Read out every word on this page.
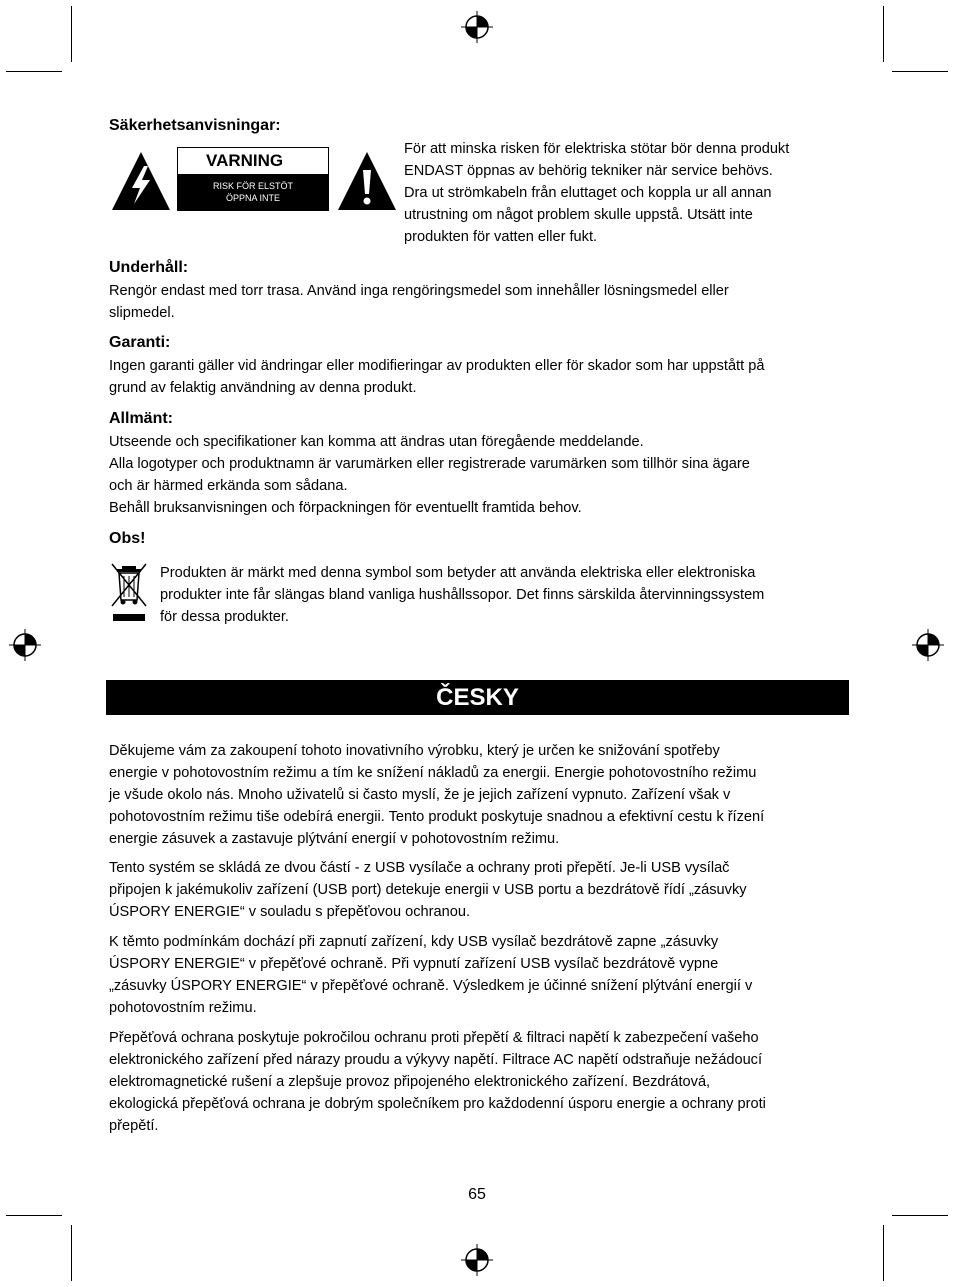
Säkerhetsanvisningar:
VARNING
RISK FÖR ELSTÖT
ÖPPNA INTE
För att minska risken för elektriska stötar bör denna produkt
ENDAST öppnas av behörig tekniker när service behövs.
Dra ut strömkabeln från eluttaget och koppla ur all annan
utrustning om något problem skulle uppstå. Utsätt inte
produkten för vatten eller fukt.
Underhåll:
Rengör endast med torr trasa. Använd inga rengöringsmedel som innehåller lösningsmedel eller
slipmedel.
Garanti:
Ingen garanti gäller vid ändringar eller modifieringar av produkten eller för skador som har uppstått på
grund av felaktig användning av denna produkt.
Allmänt:
Utseende och specifikationer kan komma att ändras utan föregående meddelande.
Alla logotyper och produktnamn är varumärken eller registrerade varumärken som tillhör sina ägare
och är härmed erkända som sådana.
Behåll bruksanvisningen och förpackningen för eventuellt framtida behov.
Obs!
Produkten är märkt med denna symbol som betyder att använda elektriska eller elektroniska
produkter inte får slängas bland vanliga hushållssopor. Det finns särskilda återvinningssystem
för dessa produkter.
ČESKY
Děkujeme vám za zakoupení tohoto inovativního výrobku, který je určen ke snižování spotřeby
energie v pohotovostním režimu a tím ke snížení nákladů za energii. Energie pohotovostního režimu
je všude okolo nás. Mnoho uživatelů si často myslí, že je jejich zařízení vypnuto. Zařízení však v
pohotovostním režimu tiše odebírá energii. Tento produkt poskytuje snadnou a efektivní cestu k řízení
energie zásuvek a zastavuje plýtvání energií v pohotovostním režimu.
Tento systém se skládá ze dvou částí - z USB vysílače a ochrany proti přepětí. Je-li USB vysílač
připojen k jakémukoliv zařízení (USB port) detekuje energii v USB portu a bezdrátově řídí „zásuvky
ÚSPORY ENERGIE“ v souladu s přepěťovou ochranou.
K těmto podmínkám dochází při zapnutí zařízení, kdy USB vysílač bezdrátově zapne „zásuvky
ÚSPORY ENERGIE“ v přepěťové ochraně. Při vypnutí zařízení USB vysílač bezdrátově vypne
„zásuvky ÚSPORY ENERGIE“ v přepěťové ochraně. Výsledkem je účinné snížení plýtvání energií v
pohotovostním režimu.
Přepěťová ochrana poskytuje pokročilou ochranu proti přepětí & filtraci napětí k zabezpečení vašeho
elektronického zařízení před nárazy proudu a výkyvy napětí. Filtrace AC napětí odstraňuje nežádoucí
elektromagnetické rušení a zlepšuje provoz připojeného elektronického zařízení. Bezdrátová,
ekologická přepěťová ochrana je dobrým společníkem pro každodenní úsporu energie a ochrany proti
přepětí.
65
